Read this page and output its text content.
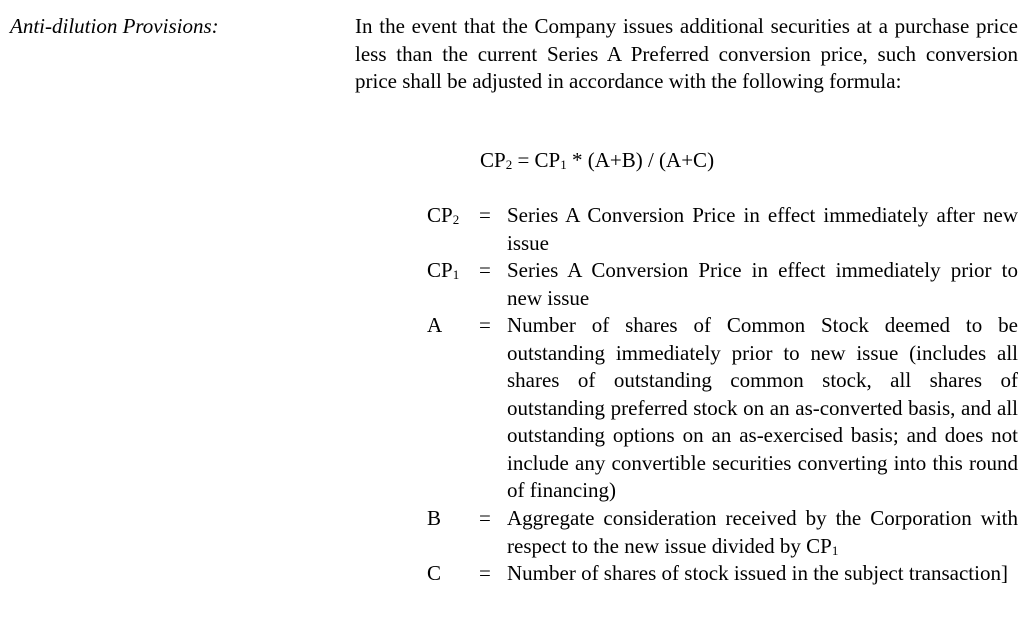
Anti-dilution Provisions:	In the event that the Company issues additional securities at a purchase price less than the current Series A Preferred conversion price, such conversion price shall be adjusted in accordance with the following formula:
$CP_2 = CP_1 * (A+B) / (A+C)$
$CP_2$ = Series A Conversion Price in effect immediately after new issue
$CP_1$ = Series A Conversion Price in effect immediately prior to new issue
A = Number of shares of Common Stock deemed to be outstanding immediately prior to new issue (includes all shares of outstanding common stock, all shares of outstanding preferred stock on an as-converted basis, and all outstanding options on an as-exercised basis; and does not include any convertible securities converting into this round of financing)
B = Aggregate consideration received by the Corporation with respect to the new issue divided by $CP_1$
C = Number of shares of stock issued in the subject transaction]
